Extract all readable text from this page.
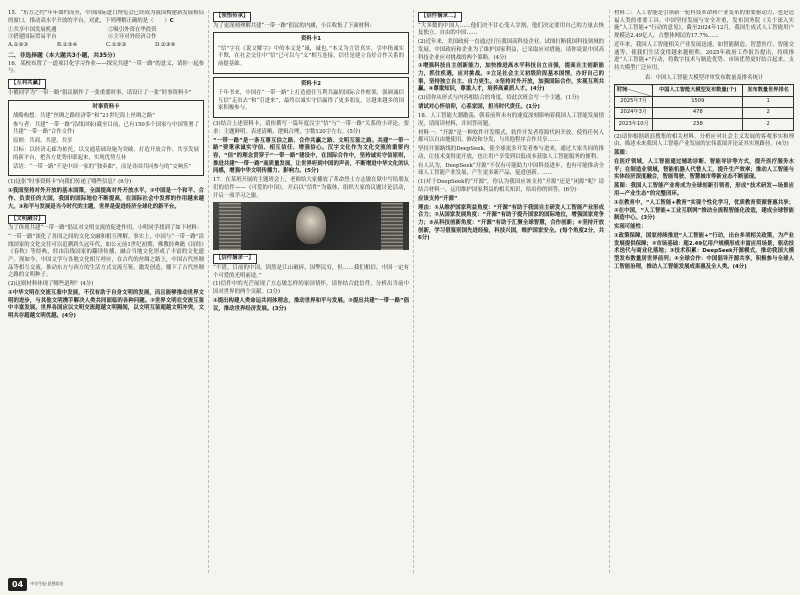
15．“东方之约”年年如约而至，中国国际进口博览会已经成为我国构建新发展格局的窗口，推动高水平开放的平台。对此，下列理解正确的是（　　）C

①共享中国发展机遇	②吸引外资在华投资
③搭建国际贸易平台	④主导对外经济合作
A.①②③	B.①③④	C.①②③	D.②③④
二、非选择题（本大题共3小题，共35分）

16．某校布置了一道项目化学习作业——探究共建“一带一路”的意义，请你一起参与。

【互利共赢】

小敏同学为“一带一路”倡议制作了一张重要时事，请设计了一张“时事资料卡”

时事资料卡

战略构想：共建“丝绸之路经济带”和“21世纪海上丝绸之路”

参与者：共建“一带一路”沿线国家(截至目前，已有150多个国家与中国签署了共建“一带一路”合作文件)

原则：共商、共建、共享

目标：以经济走廊为依托，以交通基础设施为突破，打造开放合作、共享发展的新平台，把各方优势串联起来，实现优势互补

话语：“一带一路”不是中国一家的“独奏曲”，而是各国共同参与的“交响乐”

(1)这张“时事资料卡”向我们传递了哪些信息？(6分)

①我国坚持对外开放的基本国策，全面提高对外开放水平。②中国是一个和平、合作、负责任的大国，我国的国际地位不断提高，在国际社会中发挥的作用越来越大。③和平与发展是当今时代的主题，世界是促进经济全球化的新平台。

【文明融合】

为了体现共建“一带一路”倡议对文明交流的促进作用，小明同学找到了如下材料：

“一带一路”深化了各国之间的文化交融和相互理解。事实上，中国与“一带一路”沿线国家的文化交往可以追溯到久远年代，如公元前1世纪初期，佛教经典籍《诗经》《春秋》等经典，经由沿线国家的翻译传播，融合当地文化形成了丰富的文化遗产。现如今，中国文学与各地文化相互呼应，在古代的丝绸之路上，中国古代丝绸品等相互交流，推动东方与西方的生活方式交流互鉴，激发创造，播下了古代丝绸之路的文明种子。

(2)这则材料体现了哪些道理？(4分)

①中华文明在交流互鉴中发展，不仅有助于自身文明的发展，而且能够推动世界文明的进步，与其他文明携手解决人类共同面临的各种问题。②世界文明在交流互鉴中丰富发展。世界各国应以文明交流超越文明隔阂，以文明互鉴超越文明冲突，文明共存超越文明优越。(4分)

【领悟传承】

为了更深刻理解共建“一带一路”倡议的内涵，小江收集了下面材料：

资料卡1

“信”字在《说文解字》中的本义是“诚，诚也。”本义为言语真实。引申指诚实不欺，在社会交往中“信”已可以与“义”相互连接，信任是建立良好合作关系的前提基础。

资料卡2

千年书来，中国在“一带一路”上打造通往互利共赢的国际合作框架，强调诚信互信“走出去”和“引进来”，最终以诚实守信赢得了更多朋友，让越来越多的国家积极参与。

(3)结合上述资料卡，请你撰写一篇年度汉字“信”与“一带一路”关系的小评论。要求：主题鲜明，表述清晰，逻辑合理，字数120字左右。(5分)

“一带一路”是一条互尊互信之路、合作共赢之路、文明互鉴之路。共建“一带一路”要秉承诚实守信、相互信任、增强信心。汉字文化作为文化交流的重要内容，“信”的理念贯穿于“一带一路”建设中，在国际合作中，坚持诚实守信原则，推进共建“一带一路”高质量发展，让世界听到中国的声音，不断增进中华文化的认同感，增强中华文明传播力、影响力。(5分)

17．在某班开展的主题班会上，老师给大家播放了革命烈士方志敏在狱中写给朋友们的信件——《可爱的中国》，开启以“信件”为载体，组织大家的议题讨论活动，开启一项学习之旅。

【信件摘录一】

“不错，目前的中国，固然是江山破碎，国弊民穷，但……我们相信，中国一定有个可爱的光明前途。”

(1)信件中的光芒展现了方志敏怎样的家国情怀，请你结合此信件，分析出当前中国对世界的两个贡献。(3分)

①提出构建人类命运共同体理念，推动世界和平与发展。②提出共建“一带一路”倡议，推动世界经济发展。(3分)

【信件摘录二】

“大多数的中国人……他们决不甘心受人宰割，他们决定要用自己的力量去恢复独立、自由的中国……

(2)近年来，美国政府一直通过打压我国高科技企业，试图打断我国科技领域的发展。中国政府和企业为了维护国家利益，已采取应对措施，请你说说中国高科技企业应对挑战的两个策略。(4分)

①增强科技自主创新能力，加快推进高水平科技自立自强，提高自主创新能力，抓住机遇，应对挑战。②立足社会主义初级阶段基本国情，办好自己的事，坚持独立自主、自力更生。③坚持对外开放，加强国际合作，实现互利共赢。④尊重知识，尊重人才，培养高素质人才。(4分)

(3)请你从形式与内容相结合的角度，给此次班会写一个主题。(1分)

请试对心怀信仰，心系家国，担当时代责任。(1分)

18．人工智能大潮激荡，朝着前所未有的速度深刻影响着我国人工智能发展情况，请阅读材料，并回答问题。

材料一：“开源”是一种软件开发模式，软件开发者将源代码开放，使得任何人都可以自由地使用、修改和分发，与其他程序合作共享……

坚持开源路线的DeepSeek，使全球更多开发者参与进来，通过大家共同的推动，让技术变得更开放，也让用户享受到以低成本获取人工智能服务的便利。

有人认为，DeepSeek“开源”不仅有可能助力中国科技进步，也有可能推动全球人工智能产业发展，产生更多新产品，促进创新。……

(1)对于DeepSeek的“开源”，你认为我国应该支持“开源”还是“闭源”呢？请结合材料一，运用维护国家利益的相关知识，给出你的回答。(6分)

应该支持“开源”

理由：①从维护国家利益角度：“开源”有助于我国自主研发人工智能产业形成合力；②从国家发展角度：“开源”有助于提升国家的国际地位，增强国家竞争力；③从科技创新角度：“开源”有助于汇聚全球智慧，合作创新；④坚持开放创新，学习借鉴别国先进经验，科技兴国，维护国家安全。(每个角度2分，共6分)

材料二：人工智能是引领新一轮科技革命和产业变革的重要驱动力，也是造福人类的重要工具。中国坚持发展与安全并重，发布国务院《关于深入实施“人工智能+”行动的意见》，截至2024年12月，我国生成式人工智能用户规模达2.49亿人，占整体网民的17.7%……

近年来，我国人工智能相关产业发展迅速，如智能制造、智慧医疗、智能交通等，使我们生活变得越来越便利。2025年政府工作报告提出，持续推进“人工智能+”行动，将数字技术与制造优势、市场优势更好结合起来，支持大模型广泛应用。

表：中国人工智能大模型评审发布数量及排名统计
时间	中国人工智能大模型发布数量(个)	发布数量世界排名
2025年7月	1509	1
2024年3月	478	2
2023年10月	238	2

(2)请你根据新浪搜集的相关材料，分析应对社会主义发展的客观事实和理由，描述未来我国人工智能产业发展的宏伟蓝图并论证其实现路径。(4分)

蓝图：

在医疗领域，人工智能通过辅助诊断、智能导诊等方式，提升医疗服务水平；在制造业领域，智能机器人代替人工，提升生产效率；推动人工智能与实体经济深度融合，智能驾驶、智慧城市等新业态不断涌现。

蓝图：我国人工智能产业将成为全球创新引领者，形成“技术研发—场景应用—产业生态”的完整闭环。

①在教育中，“人工智能+教育”实现个性化学习，优质教育资源普惠共享；②在中国，“人工智能+工业互联网”推动全流程智能化改造，建成全球智能制造中心。(3分)

实现可能性：

①政策保障，国家持续推进“人工智能+”行动，出台多项相关政策，为产业发展提供保障；②市场基础：超2.49亿用户规模形成丰富应用场景，驱动技术迭代与商业化落地；③技术积累：DeepSeek开源模式，推动我国大模型发布数量居世界前列；④全球合作：中国倡导开源共享，积极参与全球人工智能治理，推动人工智能发展成果惠及全人类。(4分)

04	中学生报·思想政治
